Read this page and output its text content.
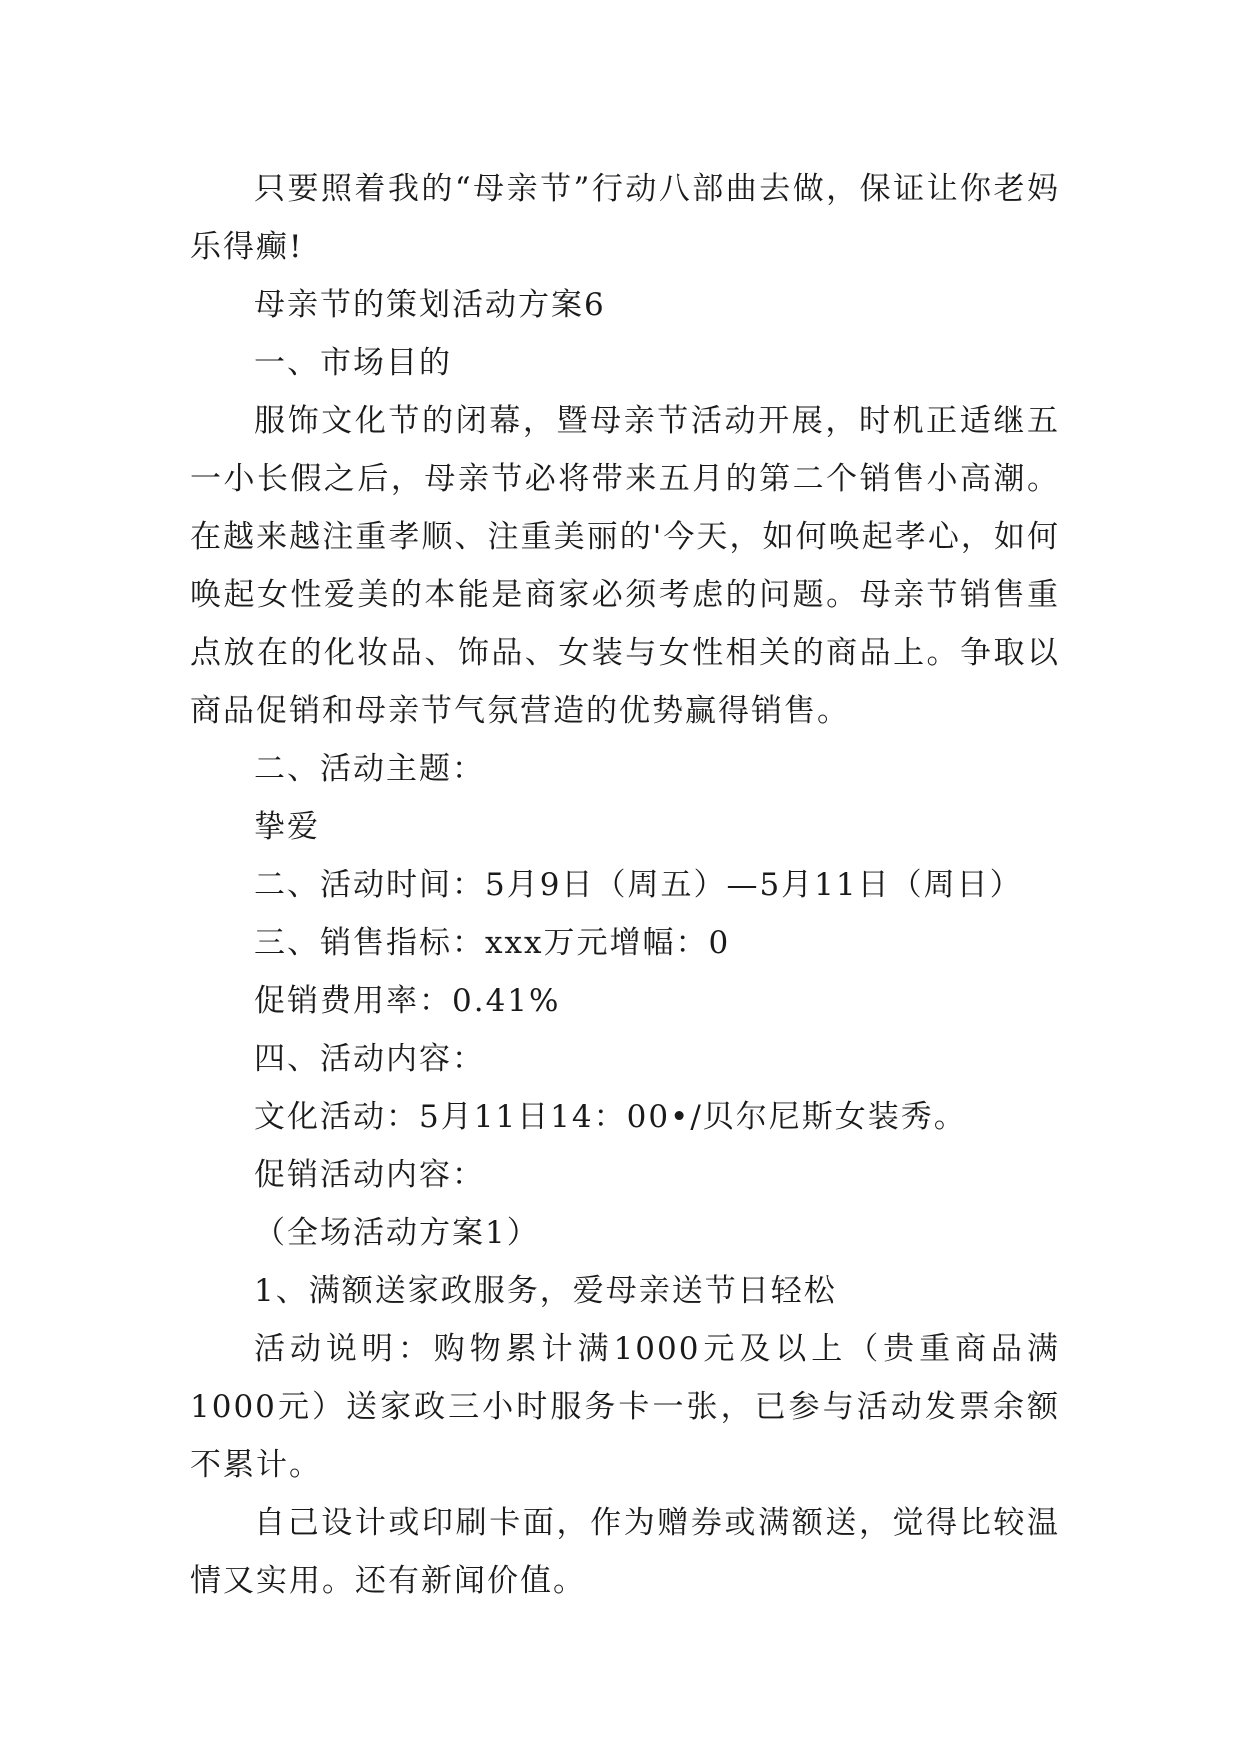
只要照着我的“母亲节”行动八部曲去做，保证让你老妈乐得癫!

母亲节的策划活动方案6

一、市场目的

服饰文化节的闭幕，暨母亲节活动开展，时机正适继五一小长假之后，母亲节必将带来五月的第二个销售小高潮。在越来越注重孝顺、注重美丽的'今天，如何唤起孝心，如何唤起女性爱美的本能是商家必须考虑的问题。母亲节销售重点放在的化妆品、饰品、女装与女性相关的商品上。争取以商品促销和母亲节气氛营造的优势赢得销售。

二、活动主题：

挚爱

二、活动时间：5月9日（周五）—5月11日（周日）

三、销售指标：xxx万元增幅：0

促销费用率：0.41%

四、活动内容：

文化活动：5月11日14：00•/贝尔尼斯女装秀。

促销活动内容：

（全场活动方案1）

1、满额送家政服务，爱母亲送节日轻松

活动说明：购物累计满1000元及以上（贵重商品满1000元）送家政三小时服务卡一张，已参与活动发票余额不累计。

自己设计或印刷卡面，作为赠券或满额送，觉得比较温情又实用。还有新闻价值。
